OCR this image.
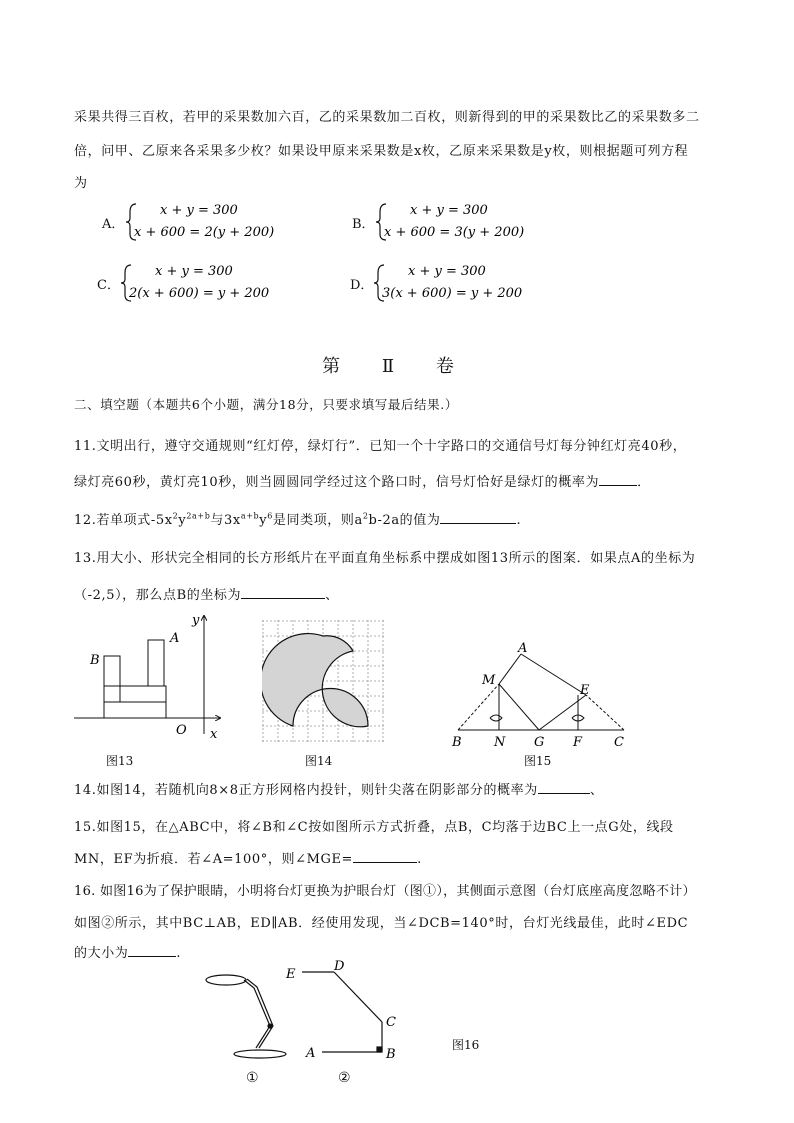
采果共得三百枚，若甲的采果数加六百，乙的采果数加二百枚，则新得到的甲的采果数比乙的采果数多二
倍，问甲、乙原来各采果多少枚？如果设甲原来采果数是x枚，乙原来采果数是y枚，则根据题可列方程
为
A．
x + y = 300
x + 600 = 2(y + 200)
B．
x + y = 300
x + 600 = 3(y + 200)
C．
x + y = 300
2(x + 600) = y + 200
D．
x + y = 300
3(x + 600) = y + 200
第 Ⅱ 卷
二、填空题（本题共6个小题，满分18分，只要求填写最后结果.）
11.文明出行，遵守交通规则“红灯停，绿灯行”．已知一个十字路口的交通信号灯每分钟红灯亮40秒，
绿灯亮60秒，黄灯亮10秒，则当圆圆同学经过这个路口时，信号灯恰好是绿灯的概率为	．
12.若单项式$-5x^2y^{2a+b}$与$3x^{a+b}y^6$是同类项，则$a^2b-2a$的值为	.
13.用大小、形状完全相同的长方形纸片在平面直角坐标系中摆成如图13所示的图案．如果点A的坐标为
（-2,5），那么点B的坐标为	、
A
B
O x
y
图13	图14
A
M
E
B N G F C
图15
14.如图14，若随机向8×8正方形网格内投针，则针尖落在阴影部分的概率为	、
15.如图15，在△ABC中，将∠B和∠C按如图所示方式折叠，点B，C均落于边BC上一点G处，线段
MN，EF为折痕．若∠A=100°，则∠MGE=	.
16. 如图16为了保护眼睛，小明将台灯更换为护眼台灯（图①），其侧面示意图（台灯底座高度忽略不计）
如图②所示，其中BC⊥AB，ED∥AB．经使用发现，当∠DCB=140°时，台灯光线最佳，此时∠EDC
的大小为	.
①
E
D
C
A	B
②
图16
